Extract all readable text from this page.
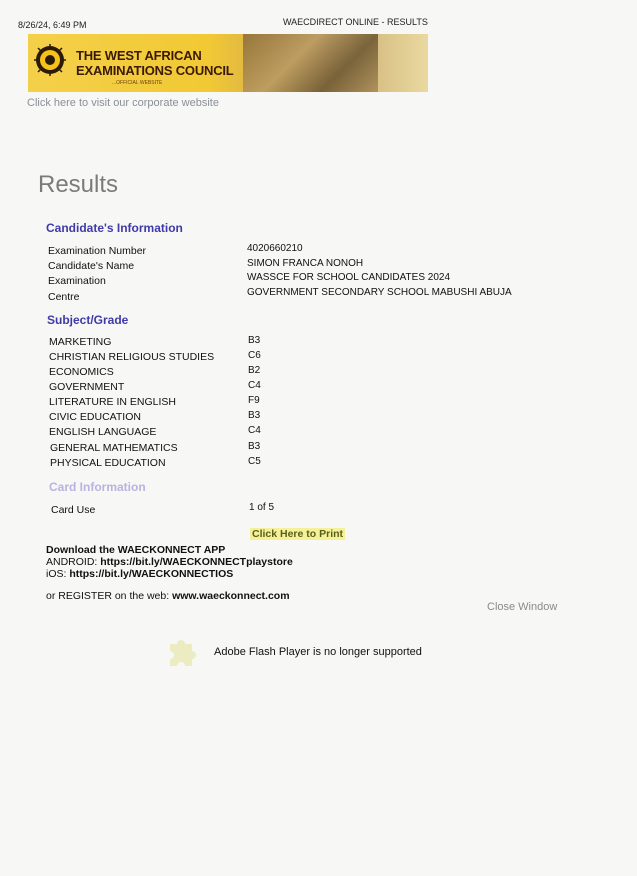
8/26/24, 6:49 PM	WAECDIRECT ONLINE - RESULTS
THE WEST AFRICAN
EXAMINATIONS COUNCIL
...OFFICIAL WEBSITE
Click here to visit our corporate website
Results
Candidate's Information
Examination Number	4020660210
Candidate's Name	SIMON FRANCA NONOH
Examination	WASSCE FOR SCHOOL CANDIDATES 2024
Centre	GOVERNMENT SECONDARY SCHOOL MABUSHI ABUJA
Subject/Grade
MARKETING	B3
CHRISTIAN RELIGIOUS STUDIES	C6
ECONOMICS	B2
GOVERNMENT	C4
LITERATURE IN ENGLISH	F9
CIVIC EDUCATION	B3
ENGLISH LANGUAGE	C4
GENERAL MATHEMATICS	B3
PHYSICAL EDUCATION	C5
Card Information
Card Use	1 of 5
Click Here to Print
Download the WAECKONNECT APP
ANDROID: https://bit.ly/WAECKONNECTplaystore
iOS: https://bit.ly/WAECKONNECTIOS
or REGISTER on the web: www.waeckonnect.com
Close Window
Adobe Flash Player is no longer supported
